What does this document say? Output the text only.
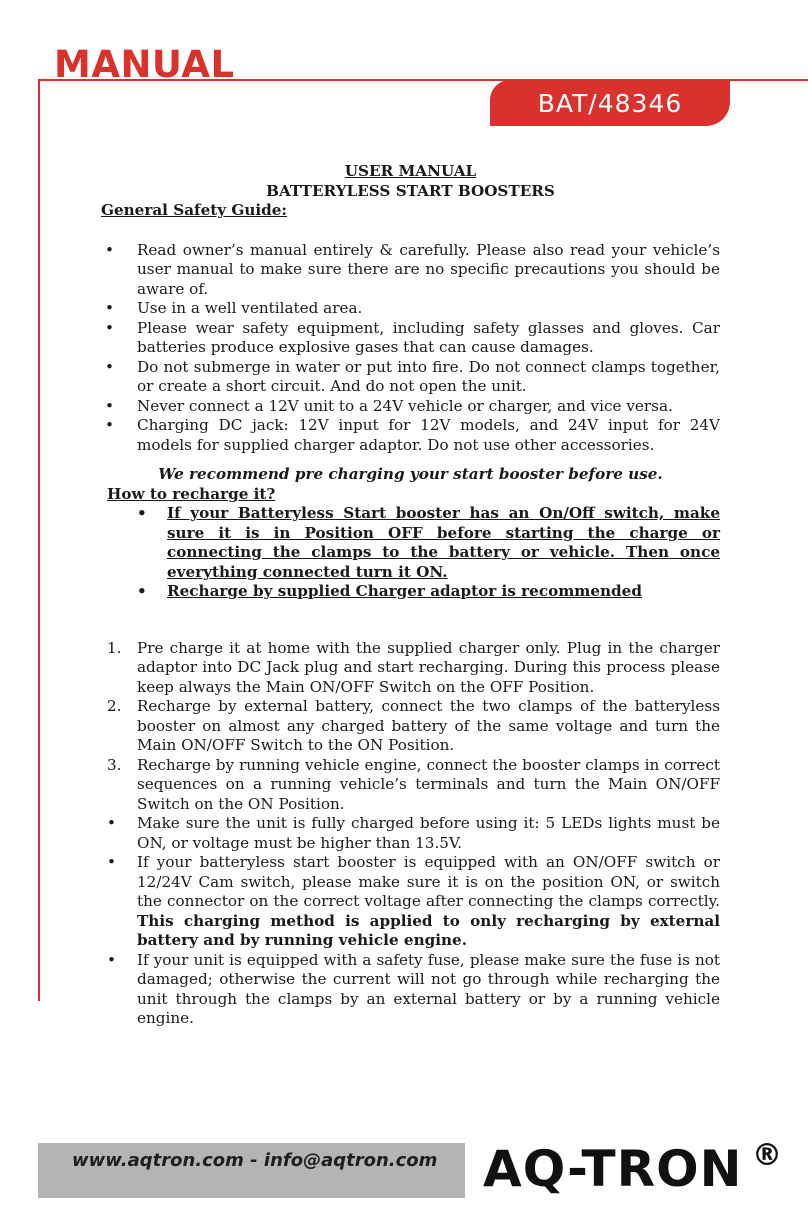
MANUAL
BAT/48346
USER MANUAL
BATTERYLESS START BOOSTERS
General Safety Guide:
• Read owner’s manual entirely & carefully. Please also read your vehicle’s user manual to make sure there are no specific precautions you should be aware of.
• Use in a well ventilated area.
• Please wear safety equipment, including safety glasses and gloves. Car batteries produce explosive gases that can cause damages.
• Do not submerge in water or put into fire. Do not connect clamps together, or create a short circuit. And do not open the unit.
• Never connect a 12V unit to a 24V vehicle or charger, and vice versa.
• Charging DC jack: 12V input for 12V models, and 24V input for 24V models for supplied charger adaptor. Do not use other accessories.
We recommend pre charging your start booster before use.
How to recharge it?
• If your Batteryless Start booster has an On/Off switch, make sure it is in Position OFF before starting the charge or connecting the clamps to the battery or vehicle. Then once everything connected turn it ON.
• Recharge by supplied Charger adaptor is recommended
1. Pre charge it at home with the supplied charger only. Plug in the charger adaptor into DC Jack plug and start recharging. During this process please keep always the Main ON/OFF Switch on the OFF Position.
2. Recharge by external battery, connect the two clamps of the batteryless booster on almost any charged battery of the same voltage and turn the Main ON/OFF Switch to the ON Position.
3. Recharge by running vehicle engine, connect the booster clamps in correct sequences on a running vehicle’s terminals and turn the Main ON/OFF Switch on the ON Position.
• Make sure the unit is fully charged before using it: 5 LEDs lights must be ON, or voltage must be higher than 13.5V.
• If your batteryless start booster is equipped with an ON/OFF switch or 12/24V Cam switch, please make sure it is on the position ON, or switch the connector on the correct voltage after connecting the clamps correctly. This charging method is applied to only recharging by external battery and by running vehicle engine.
• If your unit is equipped with a safety fuse, please make sure the fuse is not damaged; otherwise the current will not go through while recharging the unit through the clamps by an external battery or by a running vehicle engine.
www.aqtron.com - info@aqtron.com AQ-TRON ®
